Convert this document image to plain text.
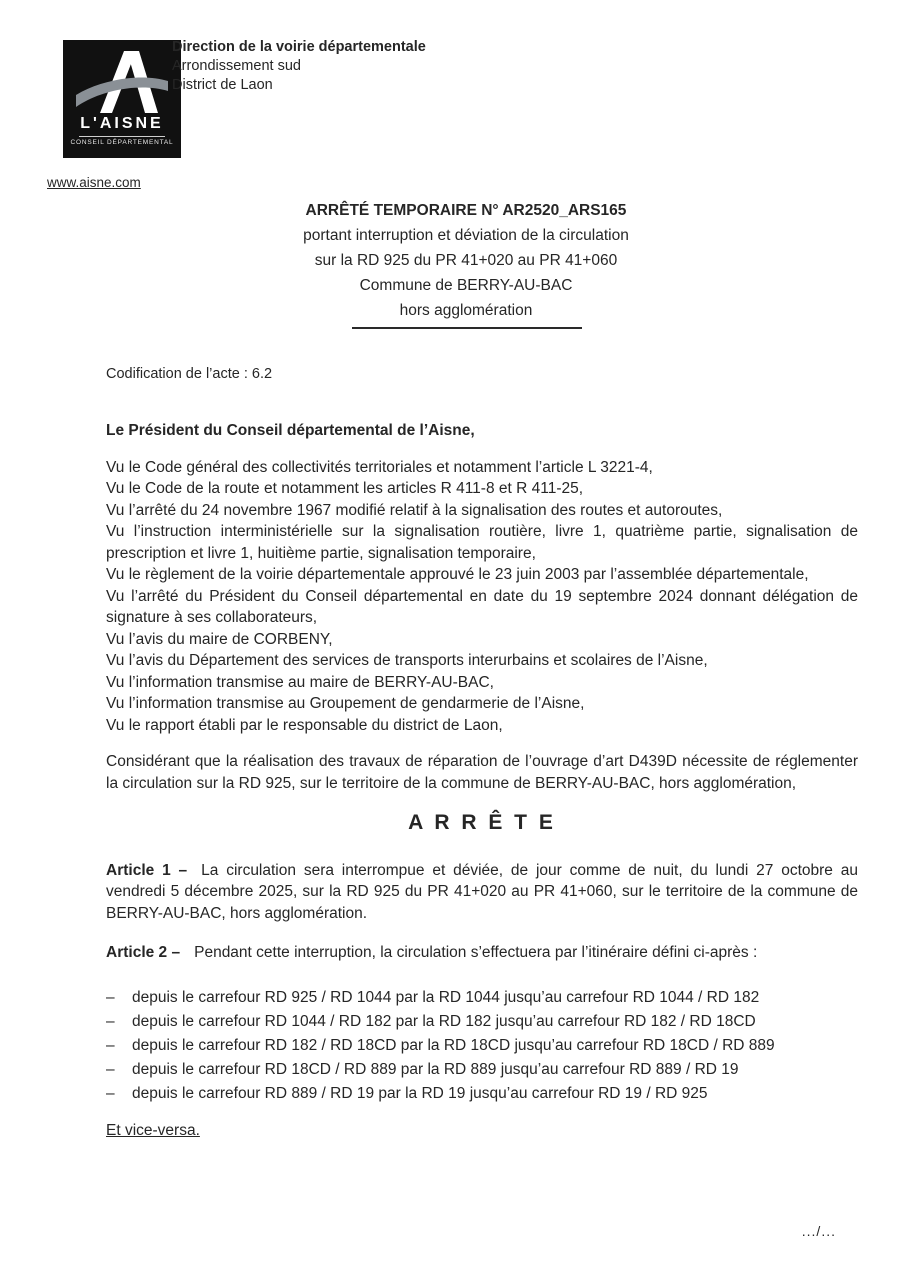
L'AISNE
CONSEIL DÉPARTEMENTAL
Direction de la voirie départementale
Arrondissement sud
District de Laon
www.aisne.com
ARRÊTÉ TEMPORAIRE N° AR2520_ARS165
portant interruption et déviation de la circulation
sur la RD 925 du PR 41+020 au PR 41+060
Commune de BERRY-AU-BAC
hors agglomération
Codification de l’acte : 6.2

Le Président du Conseil départemental de l’Aisne,

Vu le Code général des collectivités territoriales et notamment l’article L 3221-4,

Vu le Code de la route et notamment les articles R 411-8 et R 411-25,

Vu l’arrêté du 24 novembre 1967 modifié relatif à la signalisation des routes et autoroutes,

Vu l’instruction interministérielle sur la signalisation routière, livre 1, quatrième partie, signalisation de prescription et livre 1, huitième partie, signalisation temporaire,

Vu le règlement de la voirie départementale approuvé le 23 juin 2003 par l’assemblée départementale,

Vu l’arrêté du Président du Conseil départemental en date du 19 septembre 2024 donnant délégation de signature à ses collaborateurs,

Vu l’avis du maire de CORBENY,

Vu l’avis du Département des services de transports interurbains et scolaires de l’Aisne,

Vu l’information transmise au maire de BERRY-AU-BAC,

Vu l’information transmise au Groupement de gendarmerie de l’Aisne,

Vu le rapport établi par le responsable du district de Laon,

Considérant que la réalisation des travaux de réparation de l’ouvrage d’art D439D nécessite de réglementer la circulation sur la RD 925, sur le territoire de la commune de BERRY-AU-BAC, hors agglomération,

A R R Ê T E

Article 1 – La circulation sera interrompue et déviée, de jour comme de nuit, du lundi 27 octobre au vendredi 5 décembre 2025, sur la RD 925 du PR 41+020 au PR 41+060, sur le territoire de la commune de BERRY-AU-BAC, hors agglomération.

Article 2 – Pendant cette interruption, la circulation s’effectuera par l’itinéraire défini ci-après :

–	depuis le carrefour RD 925 / RD 1044 par la RD 1044 jusqu’au carrefour RD 1044 / RD 182
–	depuis le carrefour RD 1044 / RD 182 par la RD 182 jusqu’au carrefour RD 182 / RD 18CD
–	depuis le carrefour RD 182 / RD 18CD par la RD 18CD jusqu’au carrefour RD 18CD / RD 889
–	depuis le carrefour RD 18CD / RD 889 par la RD 889 jusqu’au carrefour RD 889 / RD 19
–	depuis le carrefour RD 889 / RD 19 par la RD 19 jusqu’au carrefour RD 19 / RD 925

Et vice-versa.

.../...
